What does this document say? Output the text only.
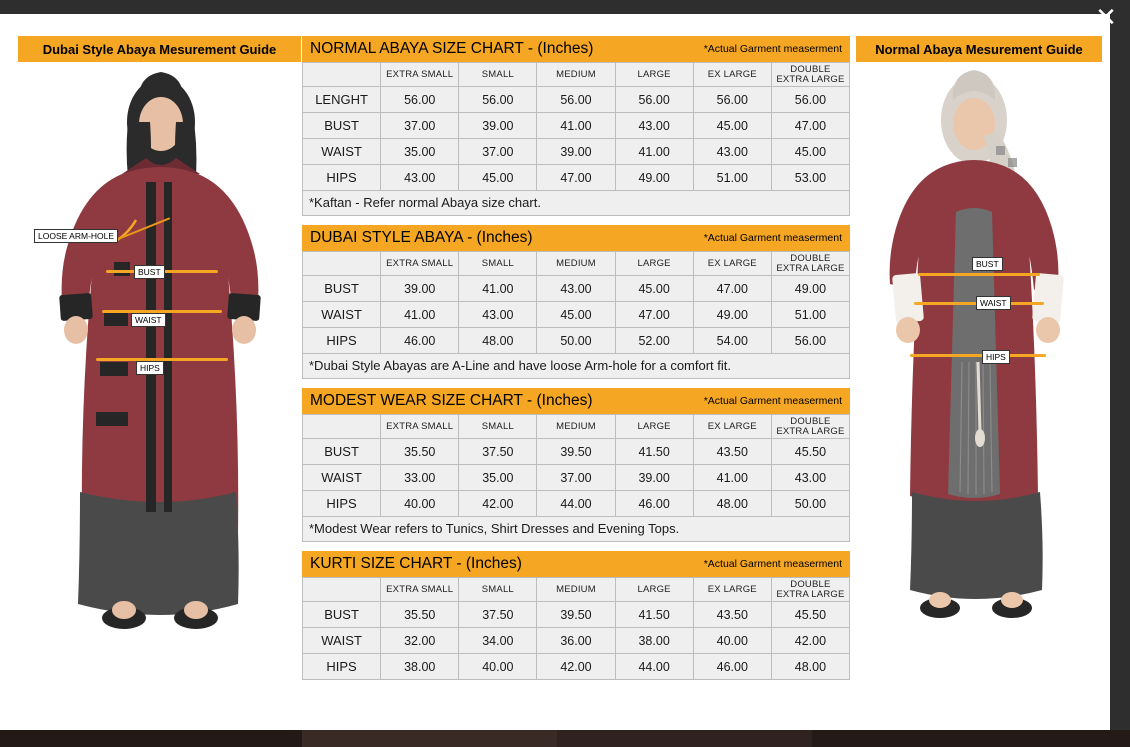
✕
Dubai Style Abaya Mesurement Guide
LOOSE ARM-HOLE
BUST
WAIST
HIPS
NORMAL ABAYA SIZE CHART - (Inches)	*Actual Garment measerment
	EXTRA SMALL	SMALL	MEDIUM	LARGE	EX LARGE	DOUBLE
EXTRA LARGE
LENGHT	56.00	56.00	56.00	56.00	56.00	56.00
BUST	37.00	39.00	41.00	43.00	45.00	47.00
WAIST	35.00	37.00	39.00	41.00	43.00	45.00
HIPS	43.00	45.00	47.00	49.00	51.00	53.00
*Kaftan - Refer normal Abaya size chart.
DUBAI STYLE ABAYA - (Inches)	*Actual Garment measerment
	EXTRA SMALL	SMALL	MEDIUM	LARGE	EX LARGE	DOUBLE
EXTRA LARGE
BUST	39.00	41.00	43.00	45.00	47.00	49.00
WAIST	41.00	43.00	45.00	47.00	49.00	51.00
HIPS	46.00	48.00	50.00	52.00	54.00	56.00
*Dubai Style Abayas are A-Line and have loose Arm-hole for a comfort fit.
MODEST WEAR SIZE CHART - (Inches)	*Actual Garment measerment
	EXTRA SMALL	SMALL	MEDIUM	LARGE	EX LARGE	DOUBLE
EXTRA LARGE
BUST	35.50	37.50	39.50	41.50	43.50	45.50
WAIST	33.00	35.00	37.00	39.00	41.00	43.00
HIPS	40.00	42.00	44.00	46.00	48.00	50.00
*Modest Wear refers to Tunics, Shirt Dresses and Evening Tops.
KURTI SIZE CHART - (Inches)	*Actual Garment measerment
	EXTRA SMALL	SMALL	MEDIUM	LARGE	EX LARGE	DOUBLE
EXTRA LARGE
BUST	35.50	37.50	39.50	41.50	43.50	45.50
WAIST	32.00	34.00	36.00	38.00	40.00	42.00
HIPS	38.00	40.00	42.00	44.00	46.00	48.00
Normal Abaya Mesurement Guide
BUST
WAIST
HIPS
